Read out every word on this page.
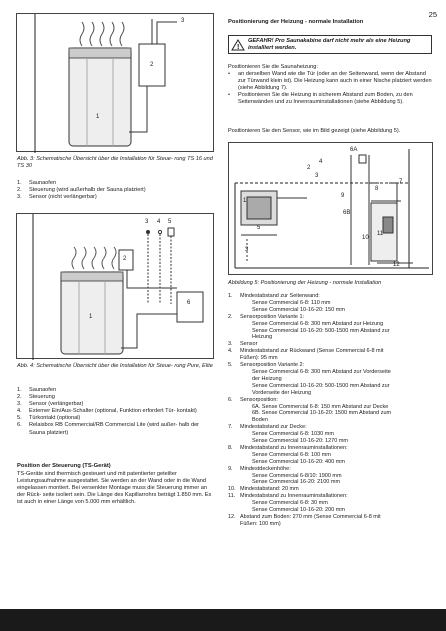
25
1
2
3
Abb. 3: Schematische Übersicht über die Installation für Steue- rung TS 16 und TS 30
1.	Saunaofen
2.	Steuerung (wird außerhalb der Sauna platziert)
3.	Sensor (nicht verlängerbar)
1
2
3 4 5
6
Abb. 4: Schematische Übersicht über die Installation für Steue- rung Pure, Elite
1.	Saunaofen
2.	Steuerung
3.	Sensor (verlängerbar)
4.	Externer Ein/Aus-Schalter (optional, Funktion erfordert Tür- kontakt)
5.	Türkontakt (optional)
6.	Relaisbox RB Commercial/RB Commercial Lite (wird außer- halb der Sauna platziert)
Position der Steuerung (TS-Gerät)
TS-Geräte sind thermisch gesteuert und mit patentierter geteilter Leistungsaufnahme ausgestattet. Sie werden an der Wand oder in die Wand eingelassen montiert. Bei versenkter Montage muss die Steuerung immer an der Rück- seite isoliert sein. Die Länge des Kapillarrohrs beträgt 1.850 mm. Es ist auch in einer Länge von 5.000 mm erhältlich.
Positionierung der Heizung - normale Installation
!
GEFAHR! Pro Saunakabine darf nicht mehr als eine Heizung installiert werden.
Positionieren Sie die Saunaheizung:
•	an derselben Wand wie die Tür (oder an der Seitenwand, wenn der Abstand zur Türwand klein ist). Die Heizung kann auch in einer Nische platziert werden (siehe Abbildung 7).
•	Positionieren Sie die Heizung in sicherem Abstand zum Boden, zu den Seitenwänden und zu Innenrauminstallationen (siehe Abbildung 5).
Positionieren Sie den Sensor, wie im Bild gezeigt (siehe Abbildung 5).
6A
4
2
3
7
8
1
9
6B
5
10
11
3
12
Abbildung 5: Positionierung der Heizung - normale Installation
1.	Mindestabstand zur Seitenwand:
Sense Commercial 6-8: 110 mm
Sense Commercial 10-16-20: 150 mm
2.	Sensorposition Variante 1:
Sense Commercial 6-8: 300 mm Abstand zur Heizung
Sense Commercial 10-16-20: 500-1500 mm Abstand zur
Heizung
3.	Sensor
4.	Mindestabstand zur Rückwand (Sense Commercial 6-8 mit
Füßen): 95 mm
5.	Sensorposition Variante 2:
Sense Commercial 6-8: 300 mm Abstand zur Vorderseite
der Heizung
Sense Commercial 10-16-20: 500-1500 mm Abstand zur
Vorderseite der Heizung
6.	Sensorposition:
6A. Sense Commercial 6-8: 150 mm Abstand zur Decke
6B. Sense Commercial 10-16-20: 1500 mm Abstand zum
Boden
7.	Mindestabstand zur Decke:
Sense Commercial 6-8: 1030 mm
Sense Commercial 10-16-20: 1270 mm
8.	Mindestabstand zu Innenrauminstallationen:
Sense Commercial 6-8: 100 mm
Sense Commercial 10-16-20: 400 mm
9.	Mindestdeckenhöhe:
Sense Commercial 6-8/10: 1900 mm
Sense Commercial 16-20: 2100 mm
10. Mindestabstand: 20 mm
11. Mindestabstand zu Innenrauminstallationen:
Sense Commercial 6-8: 30 mm
Sense Commercial 10-16-20: 200 mm
12. Abstand zum Boden: 270 mm (Sense Commercial 6-8 mit
Füßen: 100 mm)
